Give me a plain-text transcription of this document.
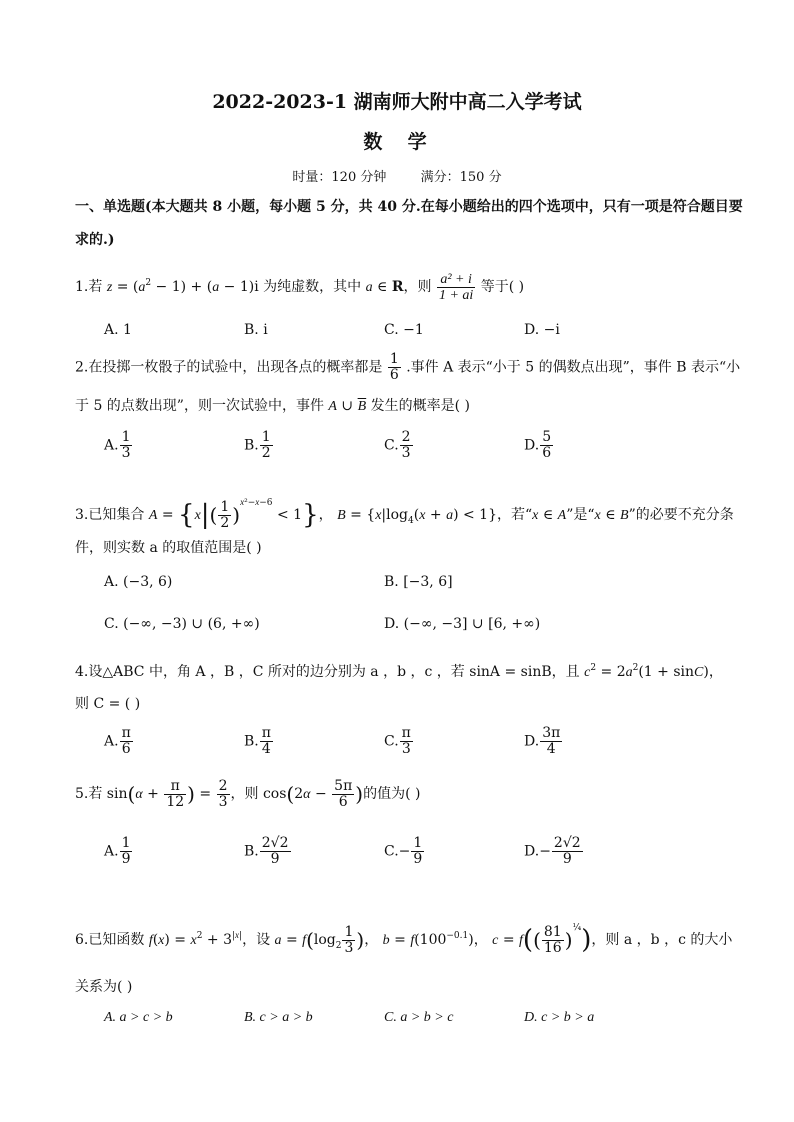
2022-2023-1 湖南师大附中高二入学考试
数  学
时量：120 分钟	满分：150 分
一、单选题(本大题共 8 小题，每小题 5 分，共 40 分.在每小题给出的四个选项中，只有一项是符合题目要
求的.)
1.若 $z = (a^2 - 1) + (a - 1)i$ 为纯虚数，其中 a ∈ R，则 $\frac{\text{a² + i}}{1 + ai}$ 等于( )
A. 1	B. i	C. −1	D. −i
2.在投掷一枚骰子的试验中，出现各点的概率都是 $\frac{1}{6}$ .事件 A 表示“小于 5 的偶数点出现”，事件 B 表示“小
于 5 的点数出现”，则一次试验中，事件 A ∪ $\overline{B}$ 发生的概率是( )
A. $\frac{1}{3}$	B. $\frac{1}{2}$	C. $\frac{2}{3}$	D. $\frac{5}{6}$
3.已知集合 $A = \{x|( \frac{1}{2} )^{x^2-x-6} < 1\}$， $B = \{x|\log_4(x + a) < 1\}$，若“x ∈ A”是“x ∈ B”的必要不充分条
件，则实数 a 的取值范围是( )
A. (−3, 6)	B. [−3, 6]
C. (−∞, −3) ∪ (6, +∞)	D. (−∞, −3] ∪ [6, +∞)
4.设△ABC 中，角 A ，B ，C 所对的边分别为 a ，b ，c ，若 sinA = sinB，且 $c^2 = 2a^2(1 + \sin C)$，
则 C = ( )
A. $\frac{\pi}{6}$	B. $\frac{\pi}{4}$	C. $\frac{\pi}{3}$	D. $\frac{3\pi}{4}$
5.若 $\sin(\alpha + \frac{\pi}{12}$ ) = $\frac{2}{3}$ ，则 $\cos(2\alpha - \frac{5\pi}{6}$ )的值为( )
A. $\frac{1}{9}$	B. $\frac{2√2}{9}$	$C.- \frac{1}{9}$	$D.- \frac{2√2}{9}$
6.已知函数 $f(x) = x^2 + 3^{|x|}$，设 $a = f(\log_2 \frac{1}{3}$ )， $b = f(100^{-0.1})$， $c = f(( \frac{81}{16} )^{\frac{1}{4}})$，则 a ，b ，c 的大小
关系为( )
A. a > c > b	B. c > a > b	C. a > b > c	D. c > b > a
